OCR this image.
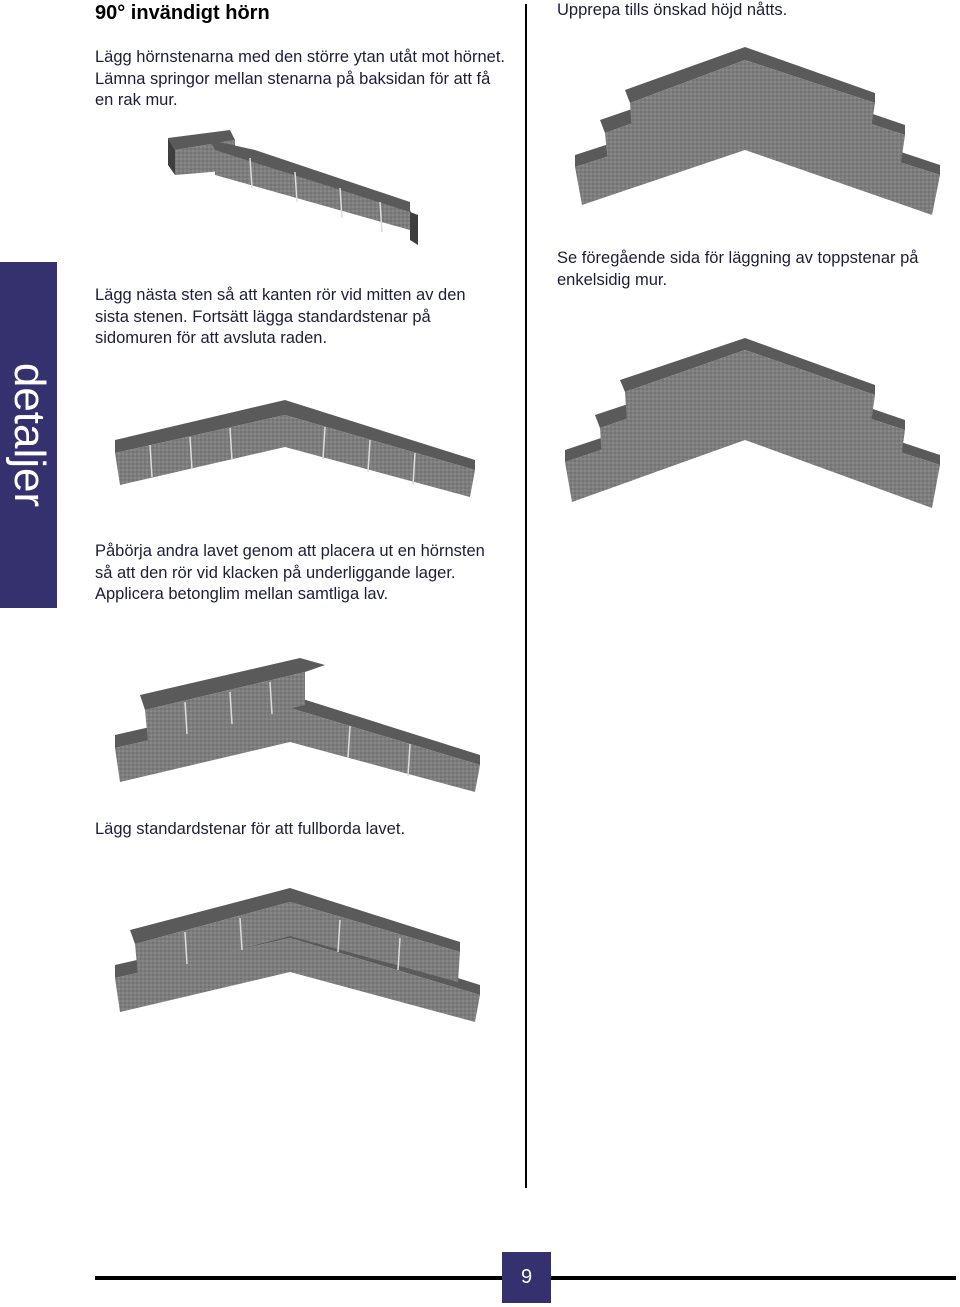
detaljer
90° invändigt hörn
Lägg hörnstenarna med den större ytan utåt mot hörnet. Lämna springor mellan stenarna på baksidan för att få en rak mur.
Lägg nästa sten så att kanten rör vid mitten av den sista stenen. Fortsätt lägga standardstenar på sidomuren för att avsluta raden.
Påbörja andra lavet genom att placera ut en hörnsten så att den rör vid klacken på underliggande lager. Applicera betonglim mellan samtliga lav.
Lägg standardstenar för att fullborda lavet.
Upprepa tills önskad höjd nåtts.
Se föregående sida för läggning av toppstenar på enkelsidig mur.
9
